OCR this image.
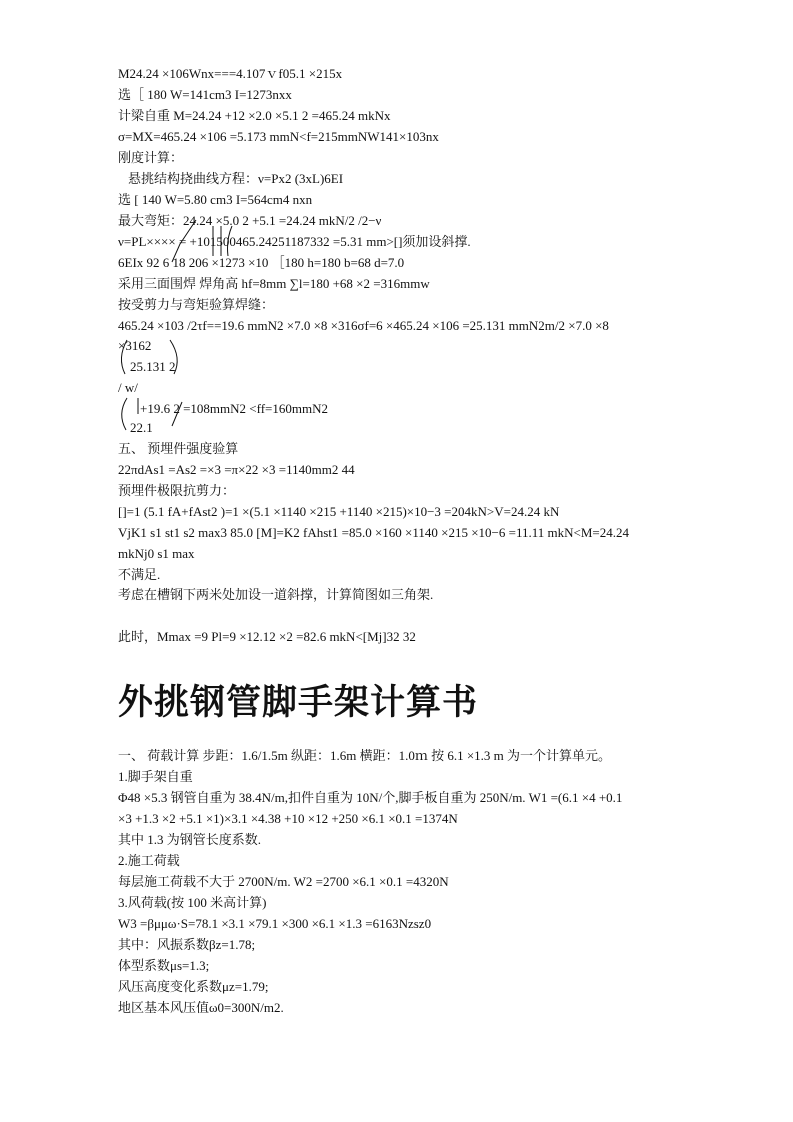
M24.24 ×106Wnx===4.107ｖf05.1 ×215x
选［ 180 W=141cm3 I=1273nxx
计梁自重 M=24.24 +12 ×2.0 ×5.1 2 =465.24 mkNx
σ=MX=465.24 ×106 =5.173 mmN<f=215mmNW141×103nx
刚度计算：
悬挑结构挠曲线方程：ν=Px2 (3xL)6EI
选 [ 140 W=5.80 cm3 I=564cm4 nxn
最大弯矩：24.24 ×5.0 2 +5.1 =24.24 mkN/2 /2−ν
ν=PL×××× = +101500465.24251187332 =5.31 mm>[]须加设斜撑.
6EIx 92 6 18 206 ×1273 ×10 ［180 h=180 b=68 d=7.0
采用三面围焊 焊角高 hf=8mm ∑l=180 +68 ×2 =316mmw
按受剪力与弯矩验算焊缝：
465.24 ×103 /2τf==19.6 mmN2 ×7.0 ×8 ×316σf=6 ×465.24 ×106 =25.131 mmN2m/2 ×7.0 ×8
×3162
25.131 2
/ w/
+19.6 2 =108mmN2 <ff=160mmN2
22.1
五、 预埋件强度验算
22πdAs1 =As2 =×3 =π×22 ×3 =1140mm2 44
预埋件极限抗剪力：
[]=1 (5.1 fA+fAst2 )=1 ×(5.1 ×1140 ×215 +1140 ×215)×10−3 =204kN>V=24.24 kN
VjK1 s1 st1 s2 max3 85.0 [M]=K2 fAhst1 =85.0 ×160 ×1140 ×215 ×10−6 =11.11 mkN<M=24.24
mkNj0 s1 max
不满足.
考虑在槽钢下两米处加设一道斜撑，计算简图如三角架.
此时，Mmax =9 Pl=9 ×12.12 ×2 =82.6 mkN<[Mj]32 32
外挑钢管脚手架计算书
一、 荷载计算 步距：1.6/1.5m 纵距：1.6m 横距：1.0ｍ 按 6.1 ×1.3 m 为一个计算单元。
1.脚手架自重
Φ48 ×5.3 钢管自重为 38.4N/m,扣件自重为 10N/个,脚手板自重为 250N/m. W1 =(6.1 ×4 +0.1
×3 +1.3 ×2 +5.1 ×1)×3.1 ×4.38 +10 ×12 +250 ×6.1 ×0.1 =1374N
其中 1.3 为钢管长度系数.
2.施工荷载
每层施工荷载不大于 2700N/m. W2 =2700 ×6.1 ×0.1 =4320N
3.风荷载(按 100 米高计算)
W3 =βμμω·S=78.1 ×3.1 ×79.1 ×300 ×6.1 ×1.3 =6163Nzsz0
其中：风振系数βz=1.78;
体型系数μs=1.3;
风压高度变化系数μz=1.79;
地区基本风压值ω0=300N/m2.
